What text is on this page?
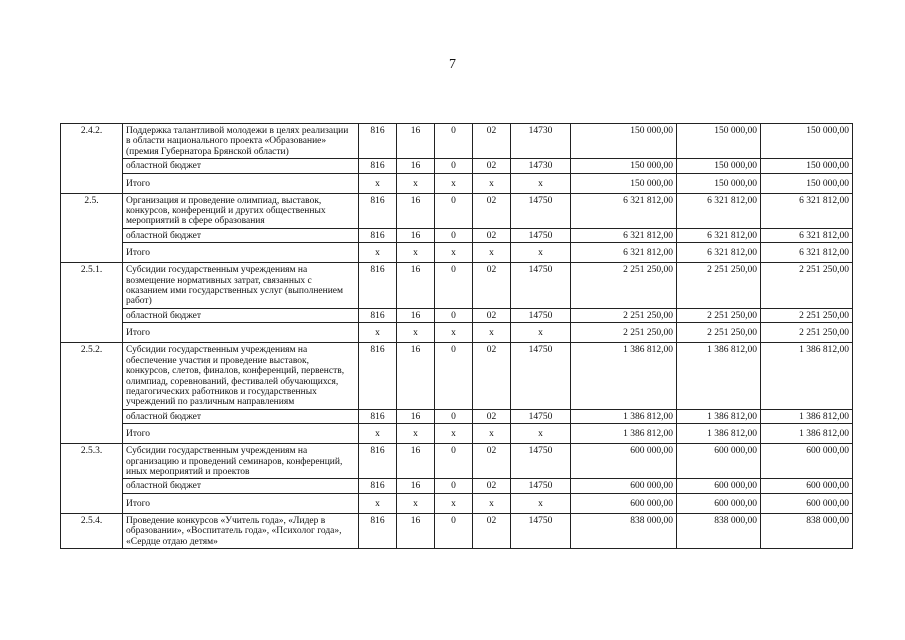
7
2.4.2.	Поддержка талантливой молодежи в целях реализации в области национального проекта «Образование» (премия Губернатора Брянской области)	816	16	0	02	14730	150 000,00	150 000,00	150 000,00
	областной бюджет	816	16	0	02	14730	150 000,00	150 000,00	150 000,00
	Итого	x	x	x	x	x	150 000,00	150 000,00	150 000,00
2.5.	Организация и проведение олимпиад, выставок, конкурсов, конференций и других общественных мероприятий в сфере образования	816	16	0	02	14750	6 321 812,00	6 321 812,00	6 321 812,00
	областной бюджет	816	16	0	02	14750	6 321 812,00	6 321 812,00	6 321 812,00
	Итого	x	x	x	x	x	6 321 812,00	6 321 812,00	6 321 812,00
2.5.1.	Субсидии государственным учреждениям на возмещение нормативных затрат, связанных с оказанием ими государственных услуг (выполнением работ)	816	16	0	02	14750	2 251 250,00	2 251 250,00	2 251 250,00
	областной бюджет	816	16	0	02	14750	2 251 250,00	2 251 250,00	2 251 250,00
	Итого	x	x	x	x	x	2 251 250,00	2 251 250,00	2 251 250,00
2.5.2.	Субсидии государственным учреждениям на обеспечение участия и проведение выставок, конкурсов, слетов, финалов, конференций, первенств, олимпиад, соревнований, фестивалей обучающихся, педагогических работников и государственных учреждений по различным направлениям	816	16	0	02	14750	1 386 812,00	1 386 812,00	1 386 812,00
	областной бюджет	816	16	0	02	14750	1 386 812,00	1 386 812,00	1 386 812,00
	Итого	x	x	x	x	x	1 386 812,00	1 386 812,00	1 386 812,00
2.5.3.	Субсидии государственным учреждениям на организацию и проведений семинаров, конференций, иных мероприятий и проектов	816	16	0	02	14750	600 000,00	600 000,00	600 000,00
	областной бюджет	816	16	0	02	14750	600 000,00	600 000,00	600 000,00
	Итого	x	x	x	x	x	600 000,00	600 000,00	600 000,00
2.5.4.	Проведение конкурсов «Учитель года», «Лидер в образовании», «Воспитатель года», «Психолог года», «Сердце отдаю детям»	816	16	0	02	14750	838 000,00	838 000,00	838 000,00
